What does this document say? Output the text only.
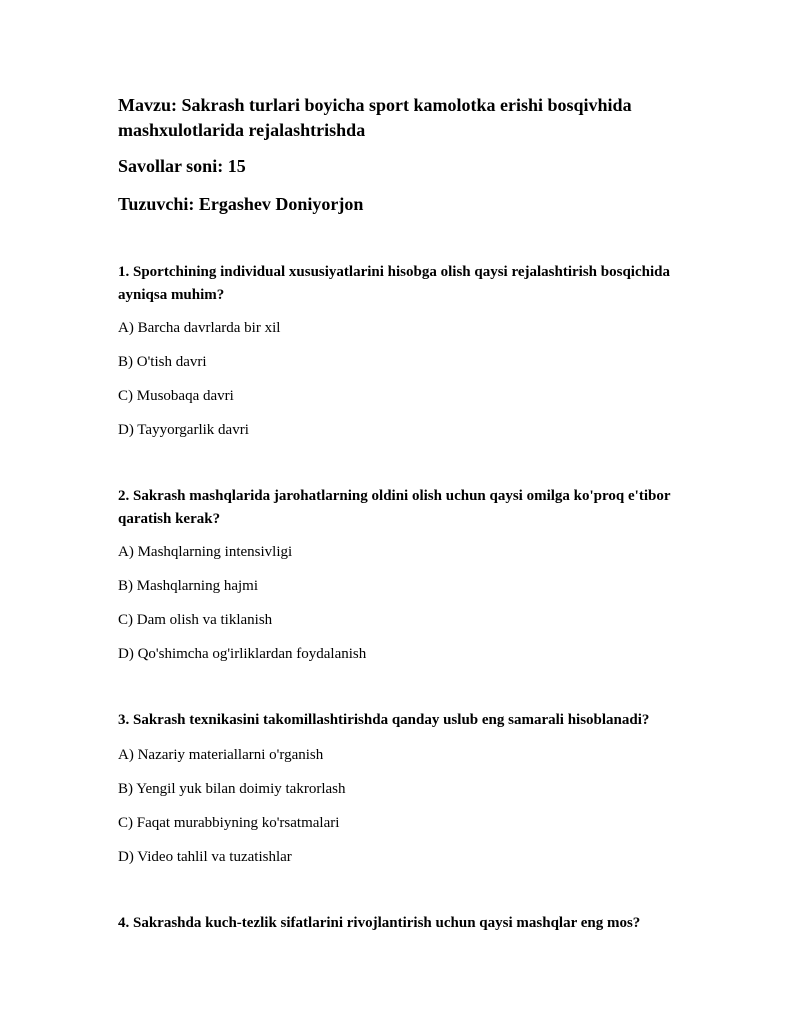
Mavzu: Sakrash turlari boyicha sport kamolotka erishi bosqivhida mashxulotlarida rejalashtrishda

Savollar soni: 15

Tuzuvchi: Ergashev Doniyorjon

1. Sportchining individual xususiyatlarini hisobga olish qaysi rejalashtirish bosqichida ayniqsa muhim?

A) Barcha davrlarda bir xil
B) O'tish davri
C) Musobaqa davri
D) Tayyorgarlik davri

2. Sakrash mashqlarida jarohatlarning oldini olish uchun qaysi omilga ko'proq e'tibor qaratish kerak?

A) Mashqlarning intensivligi
B) Mashqlarning hajmi
C) Dam olish va tiklanish
D) Qo'shimcha og'irliklardan foydalanish

3. Sakrash texnikasini takomillashtirishda qanday uslub eng samarali hisoblanadi?

A) Nazariy materiallarni o'rganish
B) Yengil yuk bilan doimiy takrorlash
C) Faqat murabbiyning ko'rsatmalari
D) Video tahlil va tuzatishlar

4. Sakrashda kuch-tezlik sifatlarini rivojlantirish uchun qaysi mashqlar eng mos?
